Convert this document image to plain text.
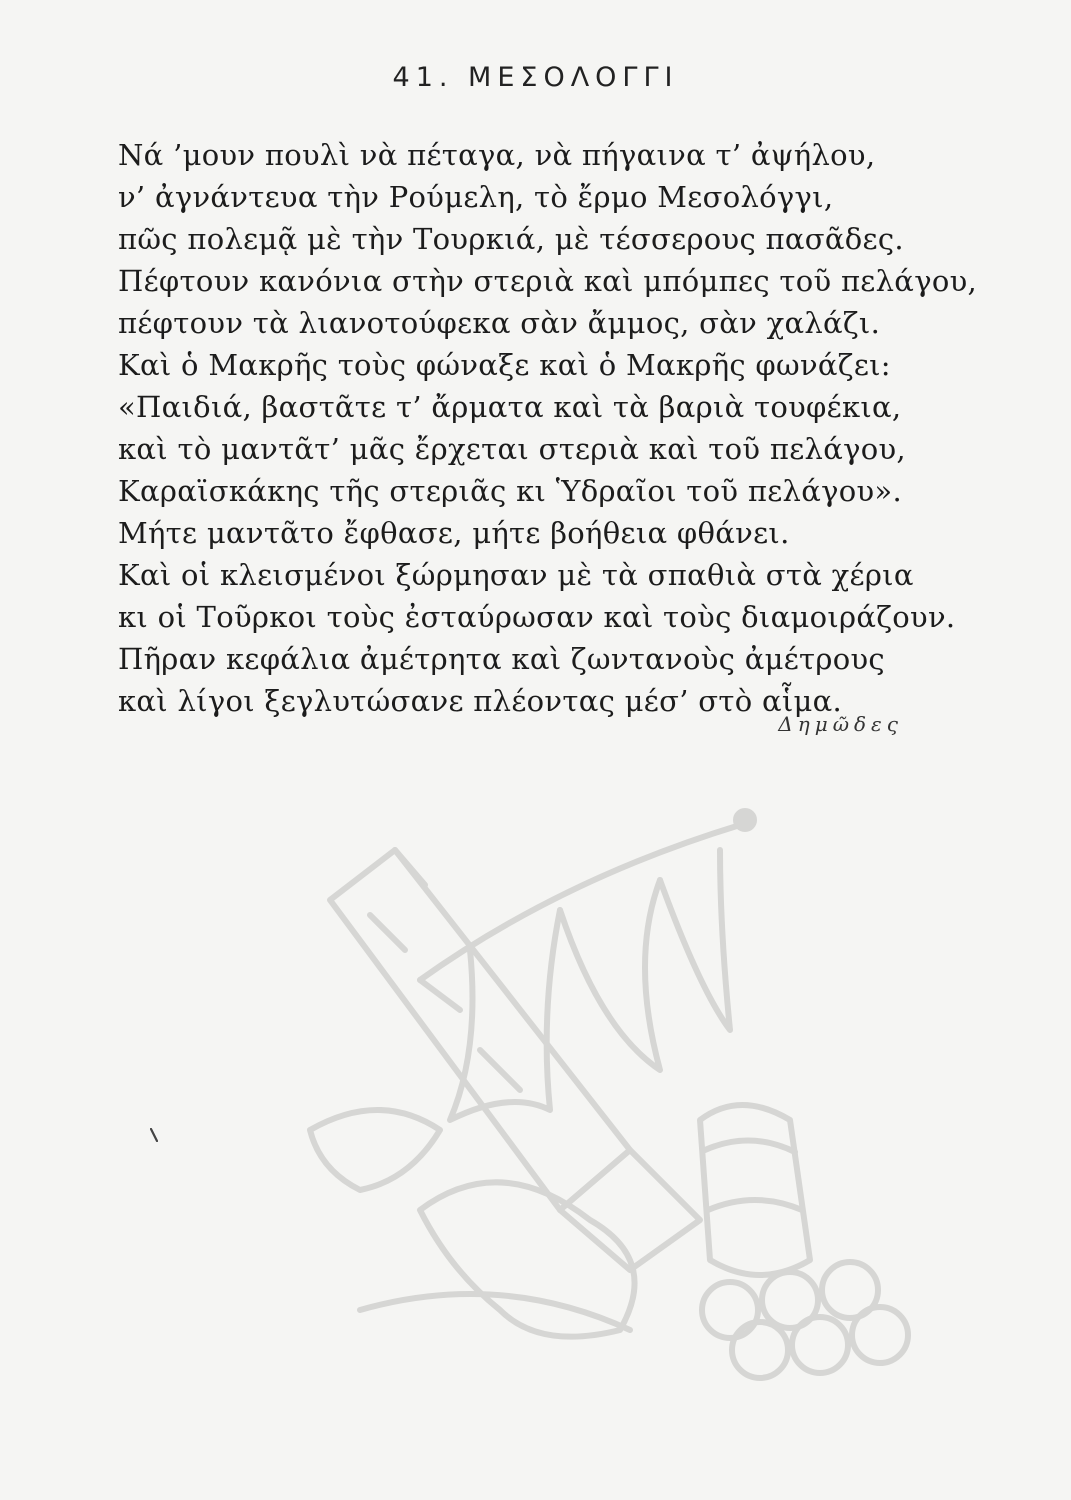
41. ΜΕΣΟΛΟΓΓΙ
Νά ’μουν πουλὶ νὰ πέταγα, νὰ πήγαινα τ’ ἀψήλου,
ν’ ἀγνάντευα τὴν Ρούμελη, τὸ ἔρμο Μεσολόγγι,
πῶς πολεμᾷ μὲ τὴν Τουρκιά, μὲ τέσσερους πασᾶδες.
Πέφτουν κανόνια στὴν στεριὰ καὶ μπόμπες τοῦ πελάγου,
πέφτουν τὰ λιανοτούφεκα σὰν ἄμμος, σὰν χαλάζι.
Καὶ ὁ Μακρῆς τοὺς φώναξε καὶ ὁ Μακρῆς φωνάζει:
«Παιδιά, βαστᾶτε τ’ ἄρματα καὶ τὰ βαριὰ τουφέκια,
καὶ τὸ μαντᾶτ’ μᾶς ἔρχεται στεριὰ καὶ τοῦ πελάγου,
Καραϊσκάκης τῆς στεριᾶς κι Ὑδραῖοι τοῦ πελάγου».
Μήτε μαντᾶτο ἔφθασε, μήτε βοήθεια φθάνει.
Καὶ οἱ κλεισμένοι ξώρμησαν μὲ τὰ σπαθιὰ στὰ χέρια
κι οἱ Τοῦρκοι τοὺς ἐσταύρωσαν καὶ τοὺς διαμοιράζουν.
Πῆραν κεφάλια ἀμέτρητα καὶ ζωντανοὺς ἀμέτρους
καὶ λίγοι ξεγλυτώσανε πλέοντας μέσ’ στὸ αἷμα.
Δημῶδες
